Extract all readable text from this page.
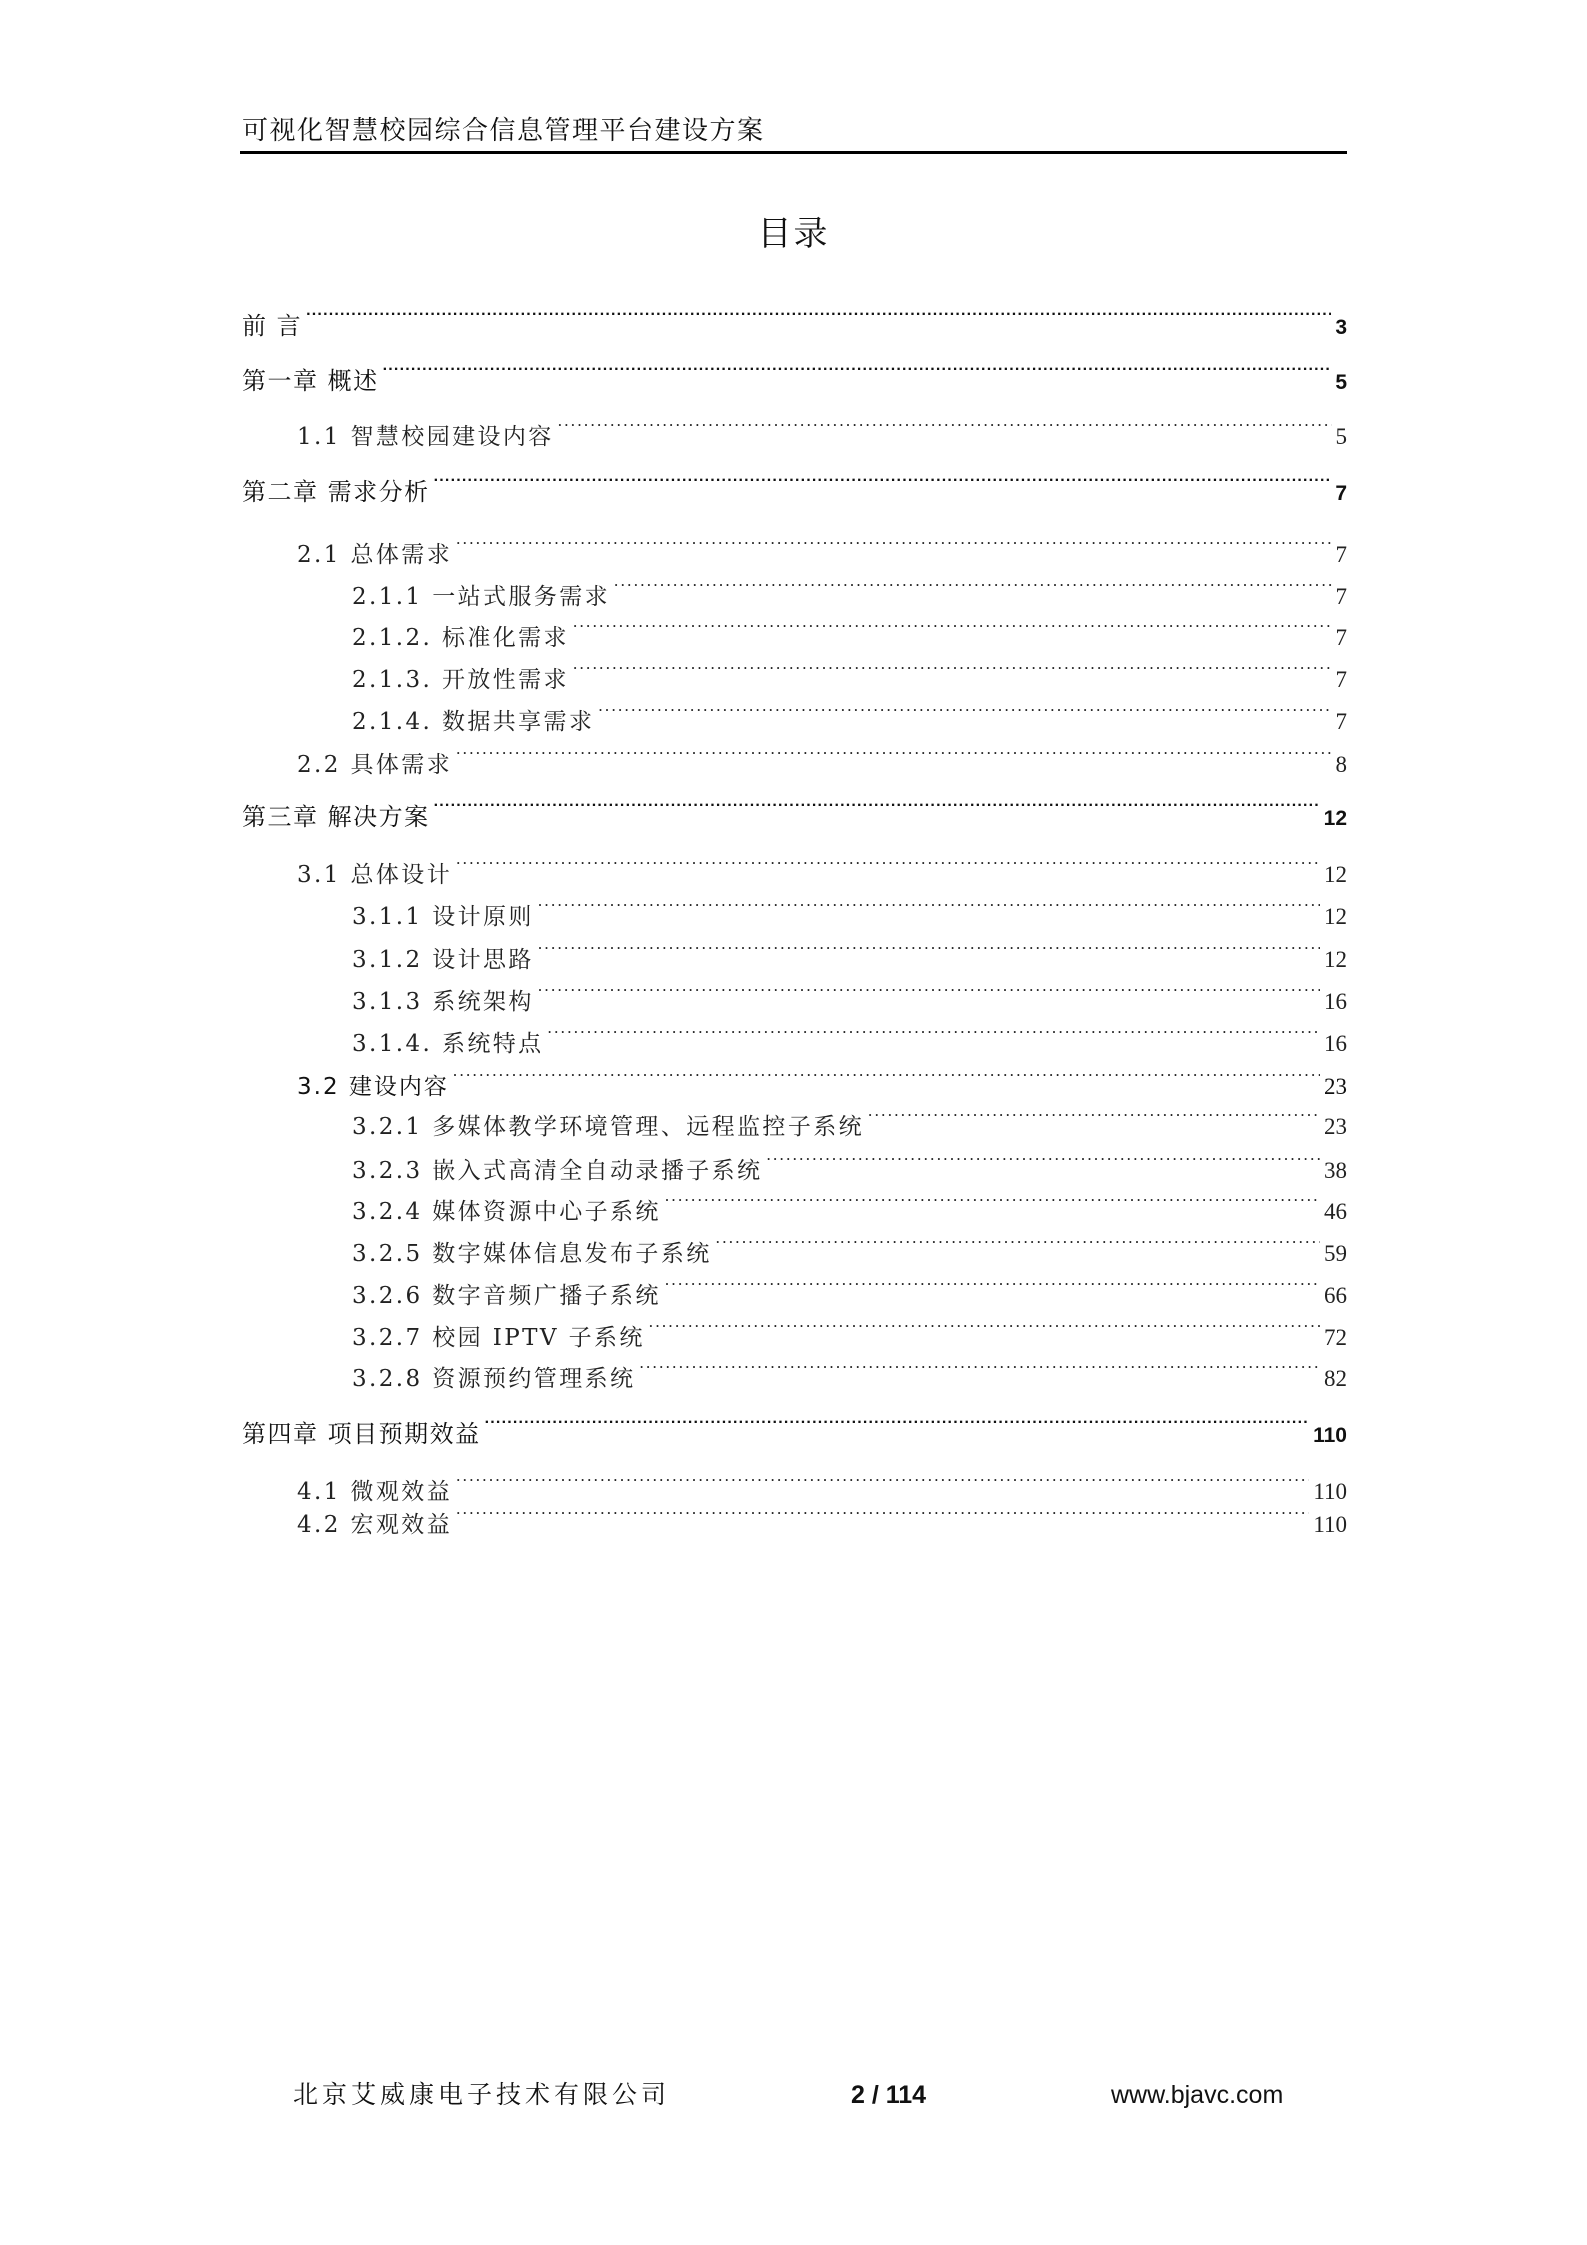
可视化智慧校园综合信息管理平台建设方案
目录
前 言 .....	3
第一章 概述 .....	5
1.1 智慧校园建设内容 .....	5
第二章 需求分析 .....	7
2.1 总体需求 .....	7
2.1.1 一站式服务需求 .....	7
2.1.2. 标准化需求 .....	7
2.1.3. 开放性需求 .....	7
2.1.4. 数据共享需求 .....	7
2.2 具体需求 .....	8
第三章 解决方案 .....	12
3.1 总体设计 .....	12
3.1.1 设计原则 .....	12
3.1.2 设计思路 .....	12
3.1.3 系统架构 .....	16
3.1.4. 系统特点 .....	16
3.2 建设内容 .....	23
3.2.1 多媒体教学环境管理、远程监控子系统 .....	23
3.2.3 嵌入式高清全自动录播子系统 .....	38
3.2.4 媒体资源中心子系统 .....	46
3.2.5 数字媒体信息发布子系统 .....	59
3.2.6 数字音频广播子系统 .....	66
3.2.7 校园 IPTV 子系统 .....	72
3.2.8 资源预约管理系统 .....	82
第四章 项目预期效益 .....	110
4.1 微观效益 .....	110
4.2 宏观效益 .....	110
北京艾威康电子技术有限公司	2 / 114	www.bjavc.com
